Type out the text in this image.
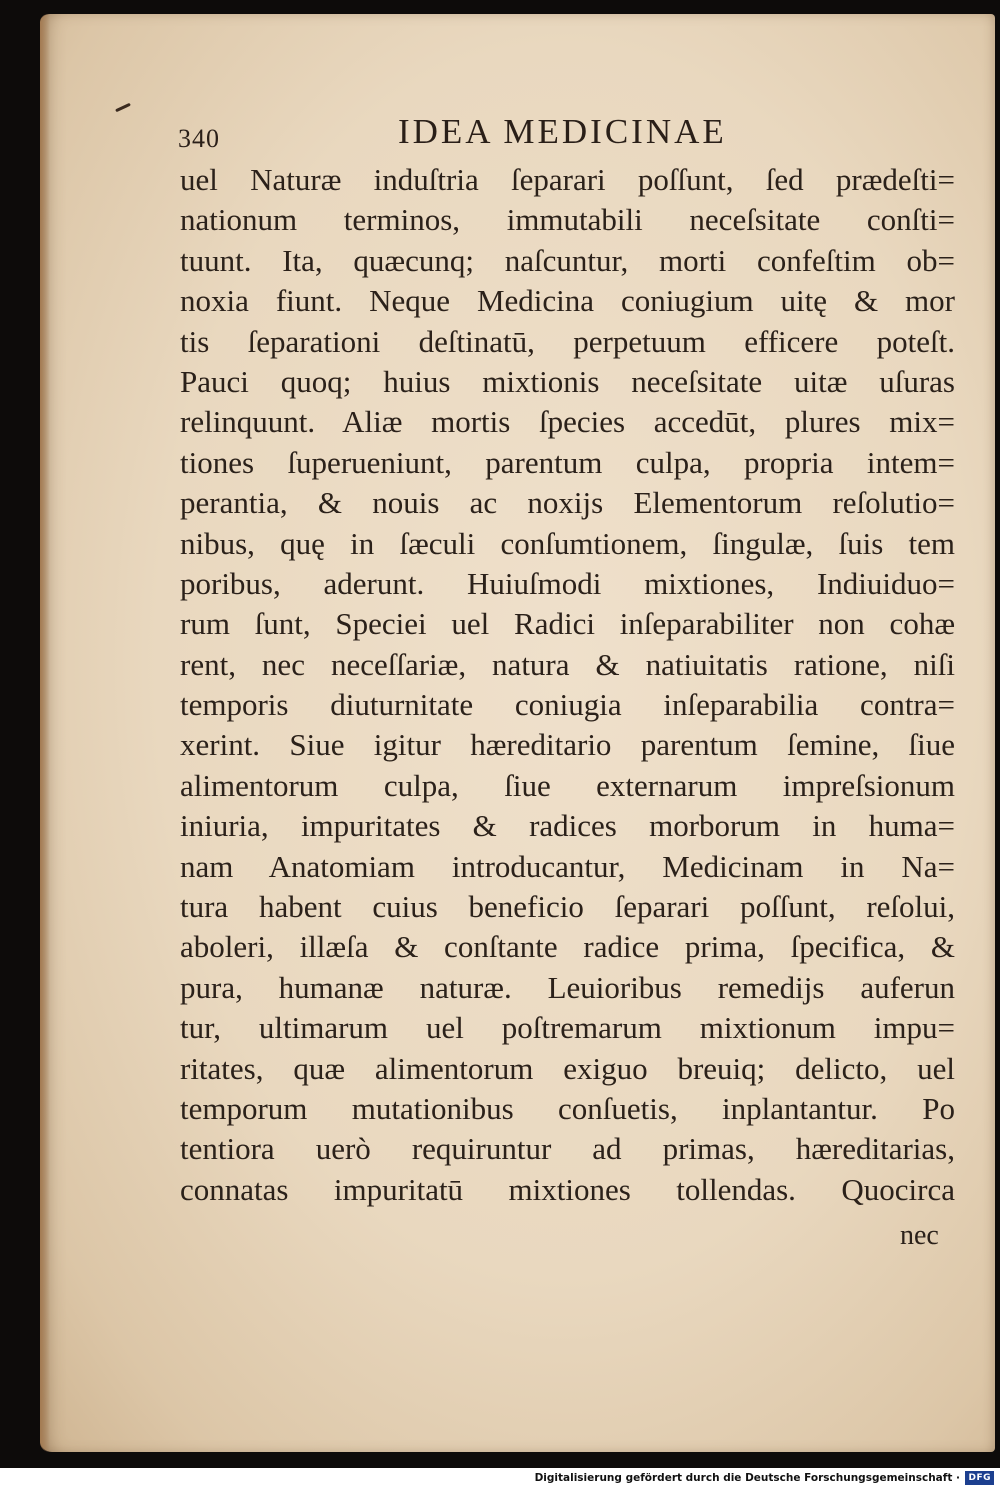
340	IDEA MEDICINAE
uel Naturæ induſtria ſeparari poſſunt, ſed prædeſti=
nationum terminos, immutabili neceſsitate conſti=
tuunt. Ita, quæcunq; naſcuntur, morti confeſtim ob=
noxia fiunt. Neque Medicina coniugium uitę & mor
tis ſeparationi deſtinatū, perpetuum efficere poteſt.
Pauci quoq; huius mixtionis neceſsitate uitæ uſuras
relinquunt. Aliæ mortis ſpecies accedūt, plures mix=
tiones ſuperueniunt, parentum culpa, propria intem=
perantia, & nouis ac noxijs Elementorum reſolutio=
nibus, quę in ſæculi conſumtionem, ſingulæ, ſuis tem
poribus, aderunt. Huiuſmodi mixtiones, Indiuiduo=
rum ſunt, Speciei uel Radici inſeparabiliter non cohæ
rent, nec neceſſariæ, natura & natiuitatis ratione, niſi
temporis diuturnitate coniugia inſeparabilia contra=
xerint. Siue igitur hæreditario parentum ſemine, ſiue
alimentorum culpa, ſiue externarum impreſsionum
iniuria, impuritates & radices morborum in huma=
nam Anatomiam introducantur, Medicinam in Na=
tura habent cuius beneficio ſeparari poſſunt, reſolui,
aboleri, illæſa & conſtante radice prima, ſpecifica, &
pura, humanæ naturæ. Leuioribus remedijs auferun
tur, ultimarum uel poſtremarum mixtionum impu=
ritates, quæ alimentorum exiguo breuiq; delicto, uel
temporum mutationibus conſuetis, inplantantur. Po
tentiora uerò requiruntur ad primas, hæreditarias,
connatas impuritatū mixtiones tollendas. Quocirca
nec
Digitalisierung gefördert durch die Deutsche Forschungsgemeinschaft · DFG
